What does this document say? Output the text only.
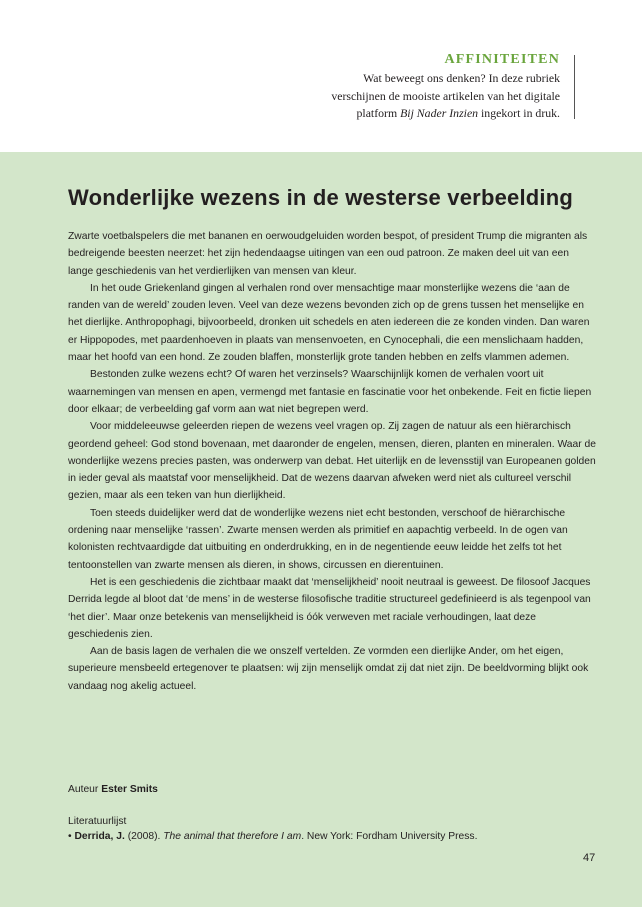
AFFINITEITEN
Wat beweegt ons denken? In deze rubriek
verschijnen de mooiste artikelen van het digitale
platform Bij Nader Inzien ingekort in druk.
Wonderlijke wezens in de westerse verbeelding

Zwarte voetbalspelers die met bananen en oerwoudgeluiden worden bespot, of president Trump die migranten als bedreigende beesten neerzet: het zijn hedendaagse uitingen van een oud patroon. Ze maken deel uit van een lange geschiedenis van het verdierlijken van mensen van kleur.

In het oude Griekenland gingen al verhalen rond over mensachtige maar monsterlijke wezens die ‘aan de randen van de wereld’ zouden leven. Veel van deze wezens bevonden zich op de grens tussen het menselijke en het dierlijke. Anthropophagi, bijvoorbeeld, dronken uit schedels en aten iedereen die ze konden vinden. Dan waren er Hippopodes, met paardenhoeven in plaats van mensenvoeten, en Cynocephali, die een menslichaam hadden, maar het hoofd van een hond. Ze zouden blaffen, monsterlijk grote tanden hebben en zelfs vlammen ademen.

Bestonden zulke wezens echt? Of waren het verzinsels? Waarschijnlijk komen de verhalen voort uit waarnemingen van mensen en apen, vermengd met fantasie en fascinatie voor het onbekende. Feit en fictie liepen door elkaar; de verbeelding gaf vorm aan wat niet begrepen werd.

Voor middeleeuwse geleerden riepen de wezens veel vragen op. Zij zagen de natuur als een hiërarchisch geordend geheel: God stond bovenaan, met daaronder de engelen, mensen, dieren, planten en mineralen. Waar de wonderlijke wezens precies pasten, was onderwerp van debat. Het uiterlijk en de levensstijl van Europeanen golden in ieder geval als maatstaf voor menselijkheid. Dat de wezens daarvan afweken werd niet als cultureel verschil gezien, maar als een teken van hun dierlijkheid.

Toen steeds duidelijker werd dat de wonderlijke wezens niet echt bestonden, verschoof de hiërarchische ordening naar menselijke ‘rassen’. Zwarte mensen werden als primitief en aapachtig verbeeld. In de ogen van kolonisten rechtvaardigde dat uitbuiting en onderdrukking, en in de negentiende eeuw leidde het zelfs tot het tentoonstellen van zwarte mensen als dieren, in shows, circussen en dierentuinen.

Het is een geschiedenis die zichtbaar maakt dat ‘menselijkheid’ nooit neutraal is geweest. De filosoof Jacques Derrida legde al bloot dat ‘de mens’ in de westerse filosofische traditie structureel gedefinieerd is als tegenpool van ‘het dier’. Maar onze betekenis van menselijkheid is óók verweven met raciale verhoudingen, laat deze geschiedenis zien.

Aan de basis lagen de verhalen die we onszelf vertelden. Ze vormden een dierlijke Ander, om het eigen, superieure mensbeeld ertegenover te plaatsen: wij zijn menselijk omdat zij dat niet zijn. De beeldvorming blijkt ook vandaag nog akelig actueel.

Auteur Ester Smits
Literatuurlijst
• Derrida, J. (2008). The animal that therefore I am. New York: Fordham University Press.
47
